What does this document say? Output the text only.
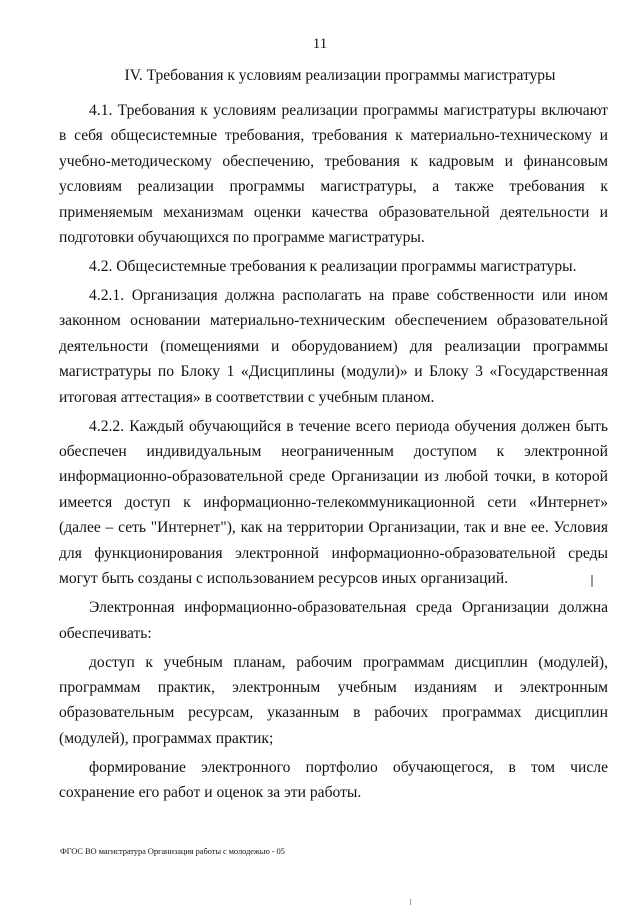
11
IV. Требования к условиям реализации программы магистратуры

4.1. Требования к условиям реализации программы магистратуры включают в себя общесистемные требования, требования к материально-техническому и учебно-методическому обеспечению, требования к кадровым и финансовым условиям реализации программы магистратуры, а также требования к применяемым механизмам оценки качества образовательной деятельности и подготовки обучающихся по программе магистратуры.

4.2. Общесистемные требования к реализации программы магистратуры.

4.2.1. Организация должна располагать на праве собственности или ином законном основании материально-техническим обеспечением образовательной деятельности (помещениями и оборудованием) для реализации программы магистратуры по Блоку 1 «Дисциплины (модули)» и Блоку 3 «Государственная итоговая аттестация» в соответствии с учебным планом.

4.2.2. Каждый обучающийся в течение всего периода обучения должен быть обеспечен индивидуальным неограниченным доступом к электронной информационно-образовательной среде Организации из любой точки, в которой имеется доступ к информационно-телекоммуникационной сети «Интернет» (далее – сеть "Интернет"), как на территории Организации, так и вне ее. Условия для функционирования электронной информационно-образовательной среды могут быть созданы с использованием ресурсов иных организаций.

Электронная информационно-образовательная среда Организации должна обеспечивать:

доступ к учебным планам, рабочим программам дисциплин (модулей), программам практик, электронным учебным изданиям и электронным образовательным ресурсам, указанным в рабочих программах дисциплин (модулей), программах практик;

формирование электронного портфолио обучающегося, в том числе сохранение его работ и оценок за эти работы.

ФГОС ВО магистратура Организация работы с молодежью - 05
